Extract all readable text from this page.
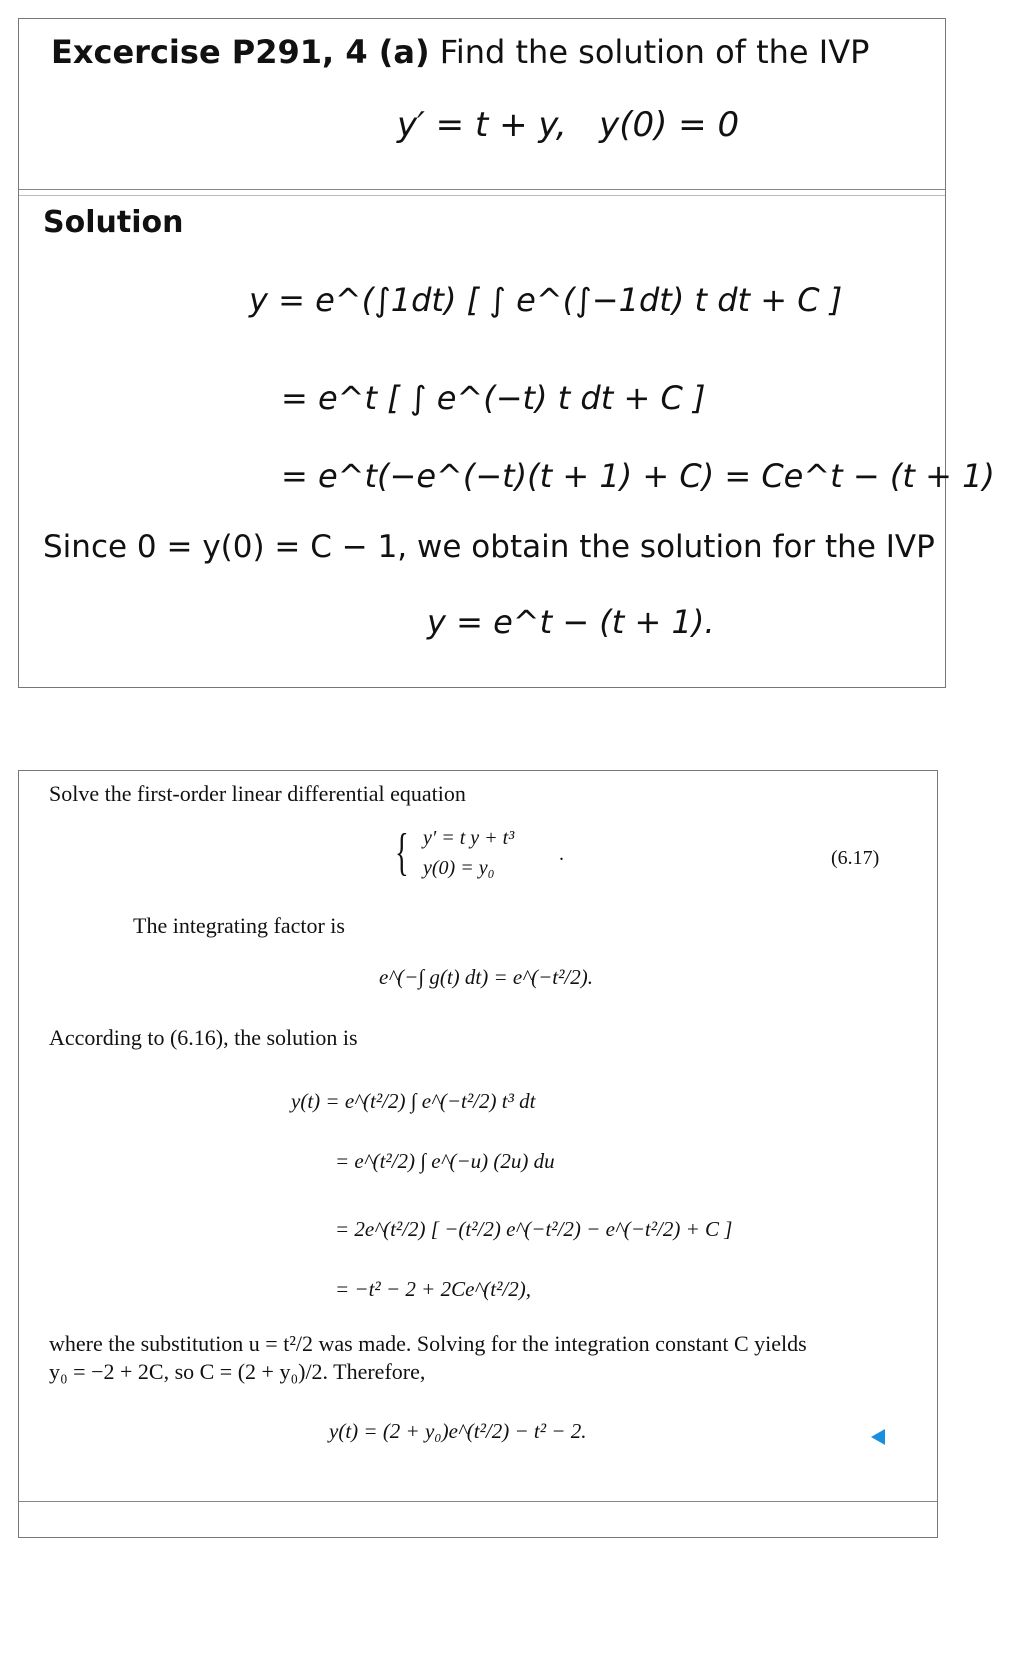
Excercise P291, 4 (a) Find the solution of the IVP
y′ = t + y,   y(0) = 0
Solution
y = e^(∫1dt) [ ∫ e^(∫−1dt) t dt + C ]
= e^t [ ∫ e^(−t) t dt + C ]
= e^t(−e^(−t)(t + 1) + C) = Ce^t − (t + 1)
Since 0 = y(0) = C − 1, we obtain the solution for the IVP
y = e^t − (t + 1).
Solve the first-order linear differential equation
{ y′ = t y + t³
y(0) = y₀
.	(6.17)
The integrating factor is
e^(−∫ g(t) dt) = e^(−t²/2).
According to (6.16), the solution is
y(t) = e^(t²/2) ∫ e^(−t²/2) t³ dt
= e^(t²/2) ∫ e^(−u) (2u) du
= 2e^(t²/2) [ −(t²/2) e^(−t²/2) − e^(−t²/2) + C ]
= −t² − 2 + 2Ce^(t²/2),
where the substitution u = t²/2 was made. Solving for the integration constant C yields
y₀ = −2 + 2C, so C = (2 + y₀)/2. Therefore,
y(t) = (2 + y₀)e^(t²/2) − t² − 2.
